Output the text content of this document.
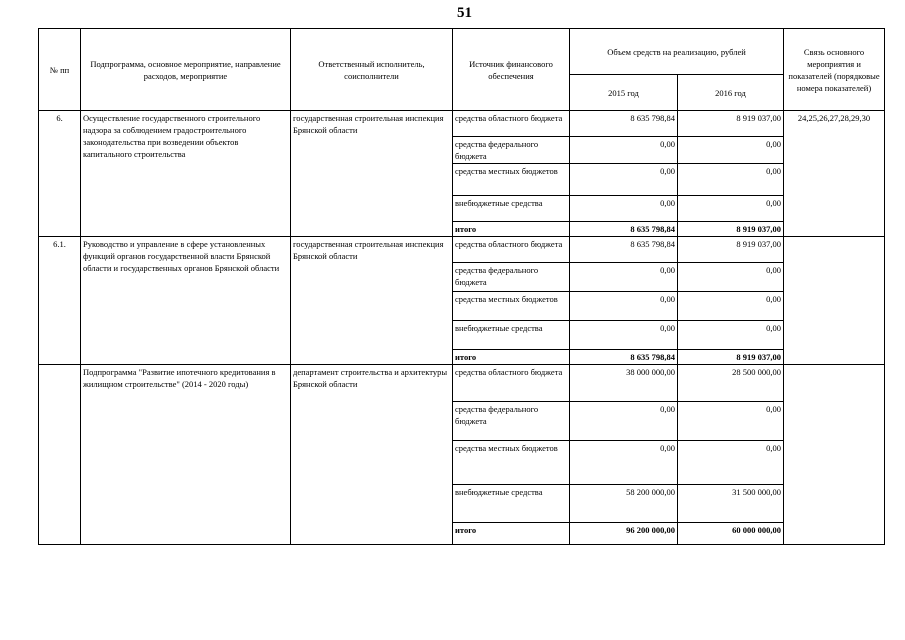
51
№ пп	Подпрограмма, основное мероприятие, направление расходов, мероприятие	Ответственный исполнитель, соисполнители	Источник финансового обеспечения	Объем средств на реализацию, рублей		Связь основного мероприятия и показателей (порядковые номера показателей)
				2015 год	2016 год	
6.	Осуществление государственного строительного надзора за соблюдением градостроительного законодательства при возведении объектов капитального строительства	государственная строительная инспекция Брянской области	средства областного бюджета	8 635 798,84	8 919 037,00	24,25,26,27,28,29,30
			средства федерального бюджета	0,00	0,00	
			средства местных бюджетов	0,00	0,00	
			внебюджетные средства	0,00	0,00	
			итого	8 635 798,84	8 919 037,00	
6.1.	Руководство и управление в сфере установленных функций органов государственной власти Брянской области и государственных органов Брянской области	государственная строительная инспекция Брянской области	средства областного бюджета	8 635 798,84	8 919 037,00	
			средства федерального бюджета	0,00	0,00	
			средства местных бюджетов	0,00	0,00	
			внебюджетные средства	0,00	0,00	
			итого	8 635 798,84	8 919 037,00	
	Подпрограмма "Развитие ипотечного кредитования в жилищном строительстве" (2014 - 2020 годы)	департамент строительства и архитектуры Брянской области	средства областного бюджета	38 000 000,00	28 500 000,00	
			средства федерального бюджета	0,00	0,00	
			средства местных бюджетов	0,00	0,00	
			внебюджетные средства	58 200 000,00	31 500 000,00	
			итого	96 200 000,00	60 000 000,00	
